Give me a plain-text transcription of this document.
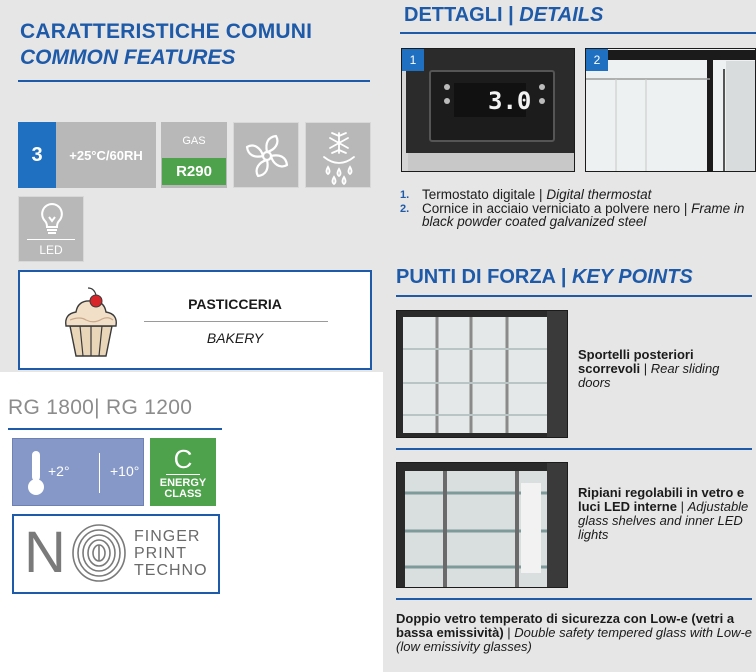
CARATTERISTICHE COMUNI
COMMON FEATURES
3	+25°C/60RH
GAS
R290
LED
PASTICCERIA
BAKERY
RG 1800| RG 1200
+2°	+10°	C
ENERGY
CLASS
N	FINGER
PRINT
TECHNO
DETTAGLI | DETAILS
1
3.0
2
1. Termostato digitale | Digital thermostat
2. Cornice in acciaio verniciato a polvere nero | Frame in black powder coated galvanized steel
PUNTI DI FORZA | KEY POINTS
Sportelli posteriori scorrevoli | Rear sliding doors
Ripiani regolabili in vetro e luci LED interne | Adjustable glass shelves and inner LED lights
Doppio vetro temperato di sicurezza con Low-e (vetri a bassa emissività) | Double safety tempered glass with Low-e (low emissivity glasses)
